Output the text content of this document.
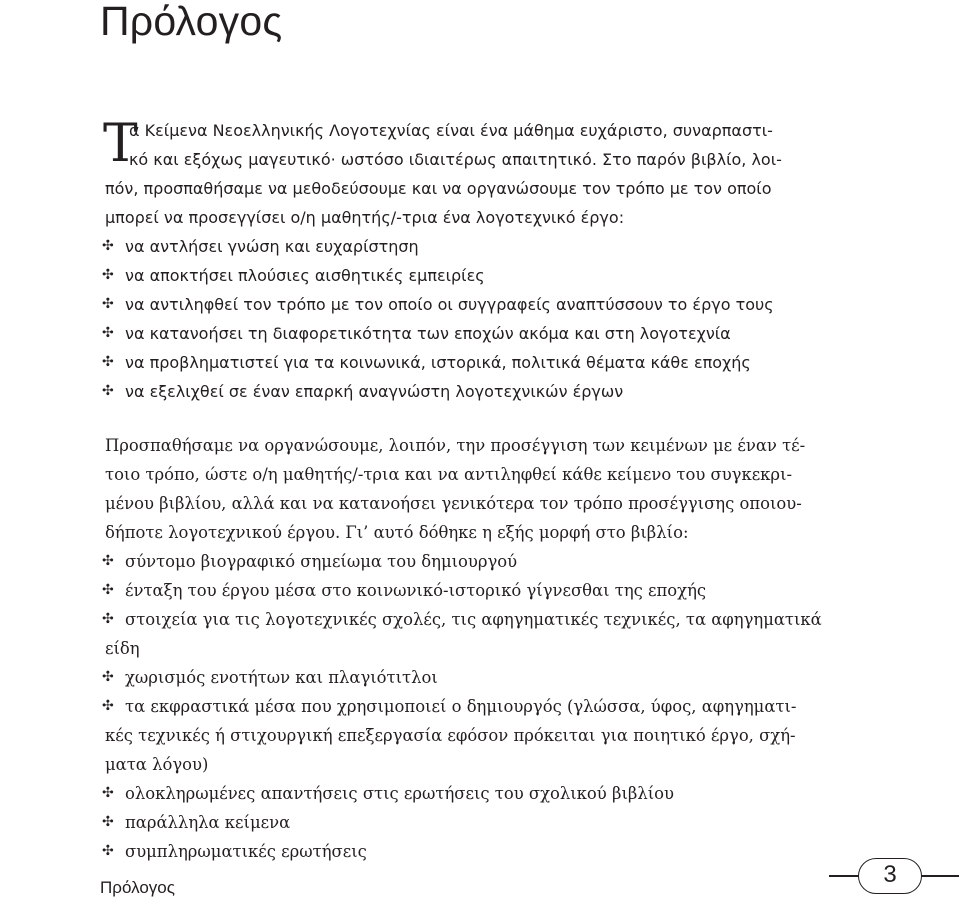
Πρόλογος
Τ
α Κείμενα Νεοελληνικής Λογοτεχνίας είναι ένα μάθημα ευχάριστο, συναρπαστι-
κό και εξόχως μαγευτικό· ωστόσο ιδιαιτέρως απαιτητικό. Στο παρόν βιβλίο, λοι-
πόν, προσπαθήσαμε να μεθοδεύσουμε και να οργανώσουμε τον τρόπο με τον οποίο
μπορεί να προσεγγίσει ο/η μαθητής/-τρια ένα λογοτεχνικό έργο:
✣ να αντλήσει γνώση και ευχαρίστηση
✣ να αποκτήσει πλούσιες αισθητικές εμπειρίες
✣ να αντιληφθεί τον τρόπο με τον οποίο οι συγγραφείς αναπτύσσουν το έργο τους
✣ να κατανοήσει τη διαφορετικότητα των εποχών ακόμα και στη λογοτεχνία
✣ να προβληματιστεί για τα κοινωνικά, ιστορικά, πολιτικά θέματα κάθε εποχής
✣ να εξελιχθεί σε έναν επαρκή αναγνώστη λογοτεχνικών έργων
Προσπαθήσαμε να οργανώσουμε, λοιπόν, την προσέγγιση των κειμένων με έναν τέ-
τοιο τρόπο, ώστε ο/η μαθητής/-τρια και να αντιληφθεί κάθε κείμενο του συγκεκρι-
μένου βιβλίου, αλλά και να κατανοήσει γενικότερα τον τρόπο προσέγγισης οποιου-
δήποτε λογοτεχνικού έργου. Γι’ αυτό δόθηκε η εξής μορφή στο βιβλίο:
✣ σύντομο βιογραφικό σημείωμα του δημιουργού
✣ ένταξη του έργου μέσα στο κοινωνικό-ιστορικό γίγνεσθαι της εποχής
✣ στοιχεία για τις λογοτεχνικές σχολές, τις αφηγηματικές τεχνικές, τα αφηγηματικά
είδη
✣ χωρισμός ενοτήτων και πλαγιότιτλοι
✣ τα εκφραστικά μέσα που χρησιμοποιεί ο δημιουργός (γλώσσα, ύφος, αφηγηματι-
κές τεχνικές ή στιχουργική επεξεργασία εφόσον πρόκειται για ποιητικό έργο, σχή-
ματα λόγου)
✣ ολοκληρωμένες απαντήσεις στις ερωτήσεις του σχολικού βιβλίου
✣ παράλληλα κείμενα
✣ συμπληρωματικές ερωτήσεις
Πρόλογος	3
